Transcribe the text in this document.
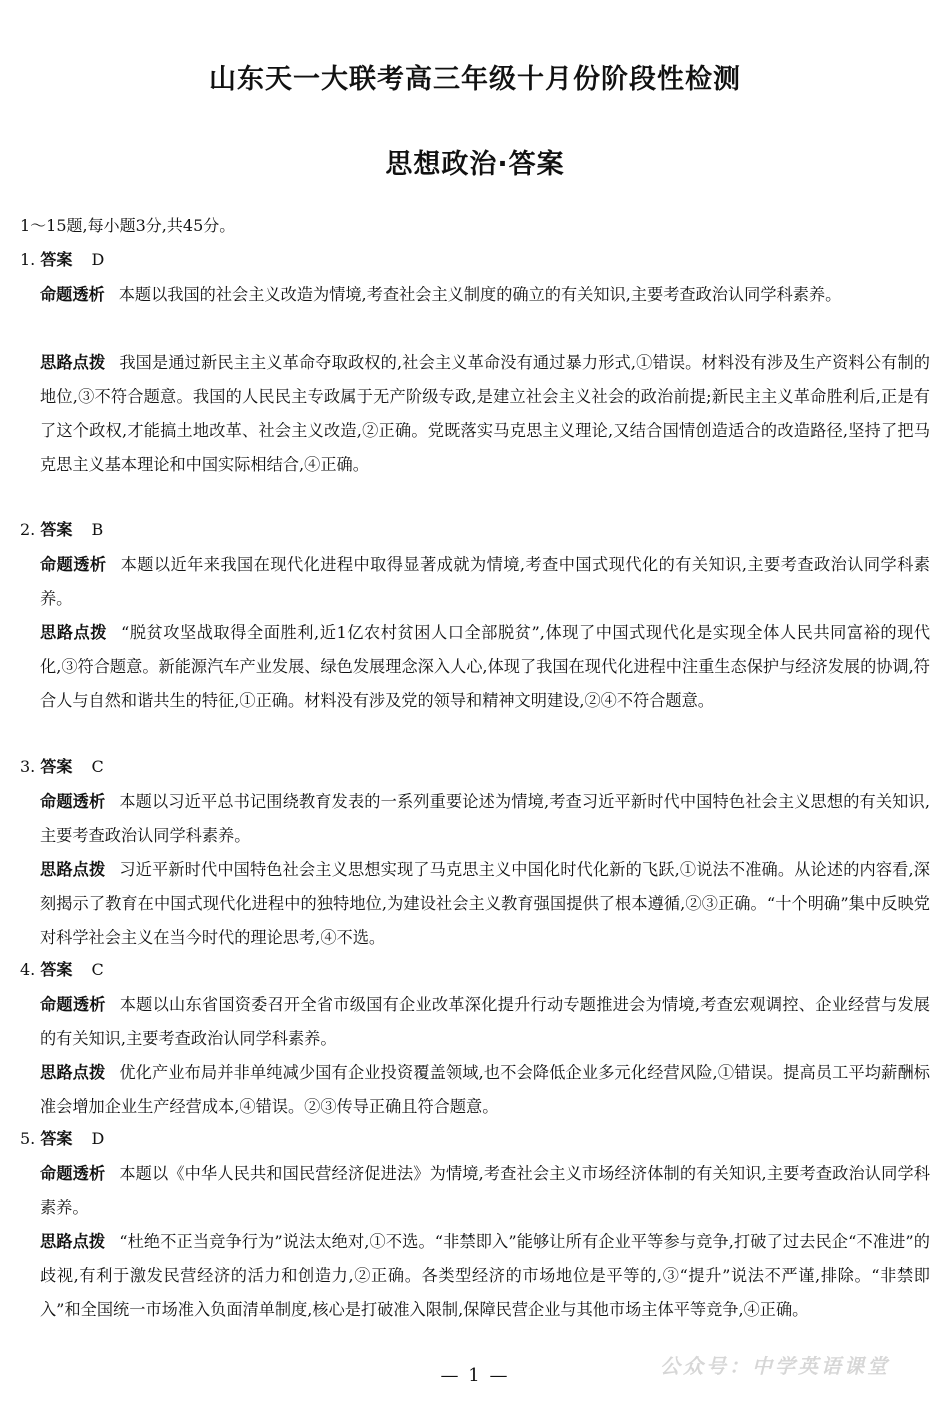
山东天一大联考高三年级十月份阶段性检测
思想政治·答案
1～15题,每小题3分,共45分。
1. 答案 D
命题透析 本题以我国的社会主义改造为情境,考查社会主义制度的确立的有关知识,主要考查政治认同学科素养。
思路点拨 我国是通过新民主主义革命夺取政权的,社会主义革命没有通过暴力形式,①错误。材料没有涉及生产资料公有制的地位,③不符合题意。我国的人民民主专政属于无产阶级专政,是建立社会主义社会的政治前提;新民主主义革命胜利后,正是有了这个政权,才能搞土地改革、社会主义改造,②正确。党既落实马克思主义理论,又结合国情创造适合的改造路径,坚持了把马克思主义基本理论和中国实际相结合,④正确。
2. 答案 B
命题透析 本题以近年来我国在现代化进程中取得显著成就为情境,考查中国式现代化的有关知识,主要考查政治认同学科素养。
思路点拨 “脱贫攻坚战取得全面胜利,近1亿农村贫困人口全部脱贫”,体现了中国式现代化是实现全体人民共同富裕的现代化,③符合题意。新能源汽车产业发展、绿色发展理念深入人心,体现了我国在现代化进程中注重生态保护与经济发展的协调,符合人与自然和谐共生的特征,①正确。材料没有涉及党的领导和精神文明建设,②④不符合题意。
3. 答案 C
命题透析 本题以习近平总书记围绕教育发表的一系列重要论述为情境,考查习近平新时代中国特色社会主义思想的有关知识,主要考查政治认同学科素养。
思路点拨 习近平新时代中国特色社会主义思想实现了马克思主义中国化时代化新的飞跃,①说法不准确。从论述的内容看,深刻揭示了教育在中国式现代化进程中的独特地位,为建设社会主义教育强国提供了根本遵循,②③正确。“十个明确”集中反映党对科学社会主义在当今时代的理论思考,④不选。
4. 答案 C
命题透析 本题以山东省国资委召开全省市级国有企业改革深化提升行动专题推进会为情境,考查宏观调控、企业经营与发展的有关知识,主要考查政治认同学科素养。
思路点拨 优化产业布局并非单纯减少国有企业投资覆盖领域,也不会降低企业多元化经营风险,①错误。提高员工平均薪酬标准会增加企业生产经营成本,④错误。②③传导正确且符合题意。
5. 答案 D
命题透析 本题以《中华人民共和国民营经济促进法》为情境,考查社会主义市场经济体制的有关知识,主要考查政治认同学科素养。
思路点拨 “杜绝不正当竞争行为”说法太绝对,①不选。“非禁即入”能够让所有企业平等参与竞争,打破了过去民企“不准进”的歧视,有利于激发民营经济的活力和创造力,②正确。各类型经济的市场地位是平等的,③“提升”说法不严谨,排除。“非禁即入”和全国统一市场准入负面清单制度,核心是打破准入限制,保障民营企业与其他市场主体平等竞争,④正确。
公众号：中学英语课堂
— 1 —
